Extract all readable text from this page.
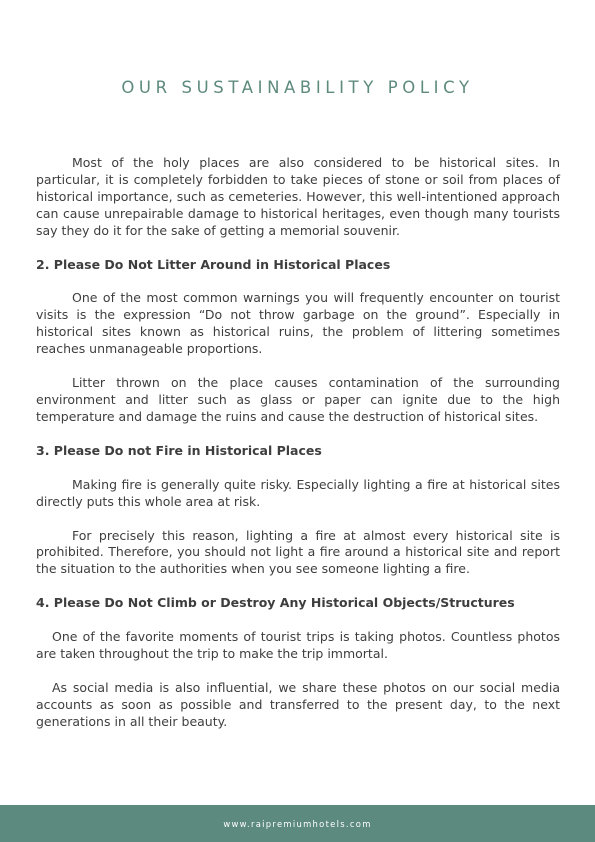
OUR SUSTAINABILITY POLICY

Most of the holy places are also considered to be historical sites. In particular, it is completely forbidden to take pieces of stone or soil from places of historical importance, such as cemeteries. However, this well-intentioned approach can cause unrepairable damage to historical heritages, even though many tourists say they do it for the sake of getting a memorial souvenir.

2. Please Do Not Litter Around in Historical Places

One of the most common warnings you will frequently encounter on tourist visits is the expression “Do not throw garbage on the ground”. Especially in historical sites known as historical ruins, the problem of littering sometimes reaches unmanageable proportions.

Litter thrown on the place causes contamination of the surrounding environment and litter such as glass or paper can ignite due to the high temperature and damage the ruins and cause the destruction of historical sites.

3. Please Do not Fire in Historical Places

Making fire is generally quite risky. Especially lighting a fire at historical sites directly puts this whole area at risk.

For precisely this reason, lighting a fire at almost every historical site is prohibited. Therefore, you should not light a fire around a historical site and report the situation to the authorities when you see someone lighting a fire.

4. Please Do Not Climb or Destroy Any Historical Objects/Structures

One of the favorite moments of tourist trips is taking photos. Countless photos are taken throughout the trip to make the trip immortal.

As social media is also influential, we share these photos on our social media accounts as soon as possible and transferred to the present day, to the next generations in all their beauty.

www.raipremiumhotels.com
